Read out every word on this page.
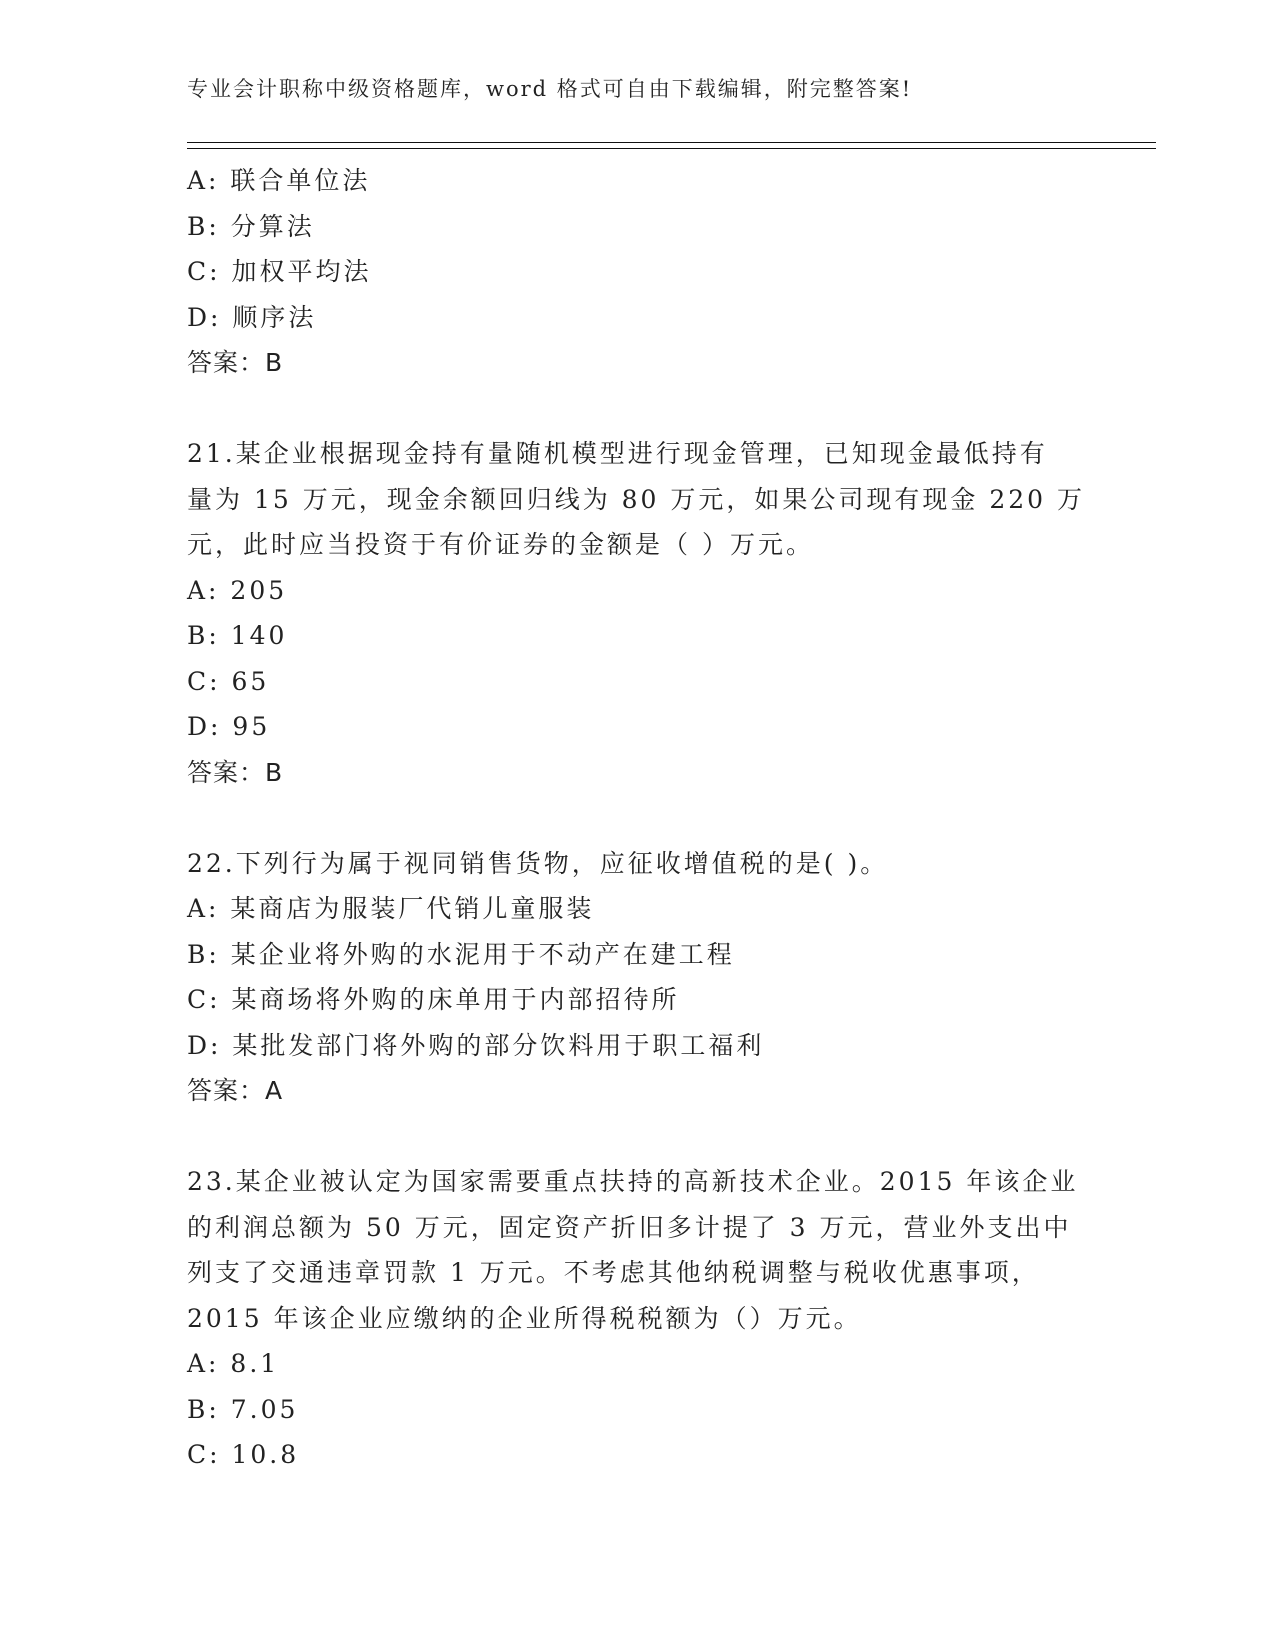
专业会计职称中级资格题库，word 格式可自由下载编辑，附完整答案!
A: 联合单位法
B: 分算法
C: 加权平均法
D: 顺序法
答案：B
21.某企业根据现金持有量随机模型进行现金管理，已知现金最低持有
量为 15 万元，现金余额回归线为 80 万元，如果公司现有现金 220 万
元，此时应当投资于有价证券的金额是（ ）万元。
A: 205
B: 140
C: 65
D: 95
答案：B
22.下列行为属于视同销售货物，应征收增值税的是( )。
A: 某商店为服装厂代销儿童服装
B: 某企业将外购的水泥用于不动产在建工程
C: 某商场将外购的床单用于内部招待所
D: 某批发部门将外购的部分饮料用于职工福利
答案：A
23.某企业被认定为国家需要重点扶持的高新技术企业。2015 年该企业
的利润总额为 50 万元，固定资产折旧多计提了 3 万元，营业外支出中
列支了交通违章罚款 1 万元。不考虑其他纳税调整与税收优惠事项，
2015 年该企业应缴纳的企业所得税税额为（）万元。
A: 8.1
B: 7.05
C: 10.8
